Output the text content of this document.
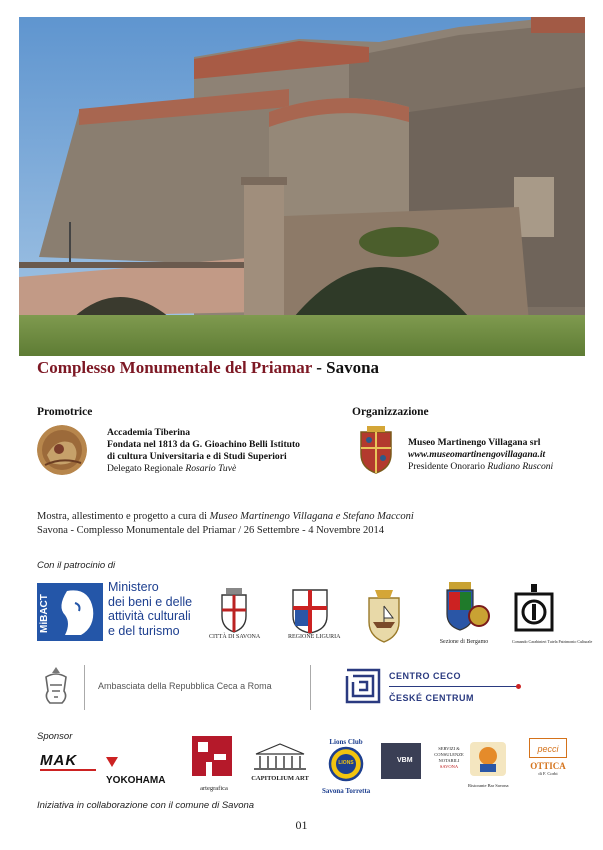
Complesso Monumentale del Priamar - Savona
Promotrice
Accademia Tiberina
Fondata nel 1813 da G. Gioachino Belli Istituto
di cultura Universitaria e di Studi Superiori
Delegato Regionale Rosario Tuvè
Organizzazione
Museo Martinengo Villagana srl
www.museomartinengovillagana.it
Presidente Onorario Rudiano Rusconi
Mostra, allestimento e progetto a cura di Museo Martinengo Villagana e Stefano Macconi
Savona - Complesso Monumentale del Priamar / 26 Settembre - 4 Novembre 2014
Con il patrocinio di
MiBACT
Ministero
dei beni e delle
attività culturali
e del turismo	CITTÀ DI SAVONA	REGIONE LIGURIA
Sezione di Bergamo	Comando Carabinieri Tutela Patrimonio Culturale
Ambasciata della Repubblica Ceca a Roma
CENTRO CECO
ČESKÉ CENTRUM
Sponsor
MAK
YOKOHAMA
artegrafica
CAPITOLIUM ART
Lions Club
LIONS
Savona Torretta
VBM
SERVIZI & CONSULENZE NOTARILI
SAVONA
Ristorante Bar Savona
pecci
OTTICA
di F. Corbi
Iniziativa in collaborazione con il comune di Savona
01
